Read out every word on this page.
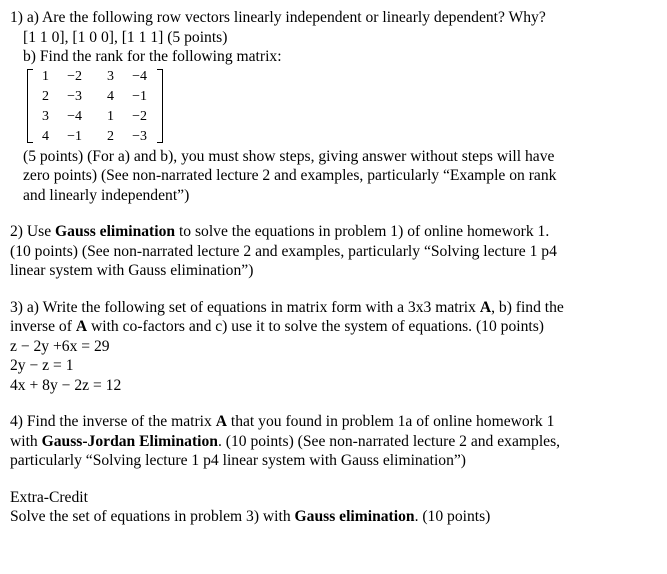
1) a) Are the following row vectors linearly independent or linearly dependent? Why?
[1 1 0], [1 0 0], [1 1 1] (5 points)
b) Find the rank for the following matrix:
1	−2	3	−4
2	−3	4	−1
3	−4	1	−2
4	−1	2	−3
(5 points) (For a) and b), you must show steps, giving answer without steps will have
zero points) (See non-narrated lecture 2 and examples, particularly “Example on rank
and linearly independent”)
2) Use Gauss elimination to solve the equations in problem 1) of online homework 1.
(10 points) (See non-narrated lecture 2 and examples, particularly “Solving lecture 1 p4
linear system with Gauss elimination”)
3) a) Write the following set of equations in matrix form with a 3x3 matrix A, b) find the
inverse of A with co-factors and c) use it to solve the system of equations. (10 points)
z − 2y +6x = 29
2y − z = 1
4x + 8y − 2z = 12
4) Find the inverse of the matrix A that you found in problem 1a of online homework 1
with Gauss-Jordan Elimination. (10 points) (See non-narrated lecture 2 and examples,
particularly “Solving lecture 1 p4 linear system with Gauss elimination”)
Extra-Credit
Solve the set of equations in problem 3) with Gauss elimination. (10 points)
